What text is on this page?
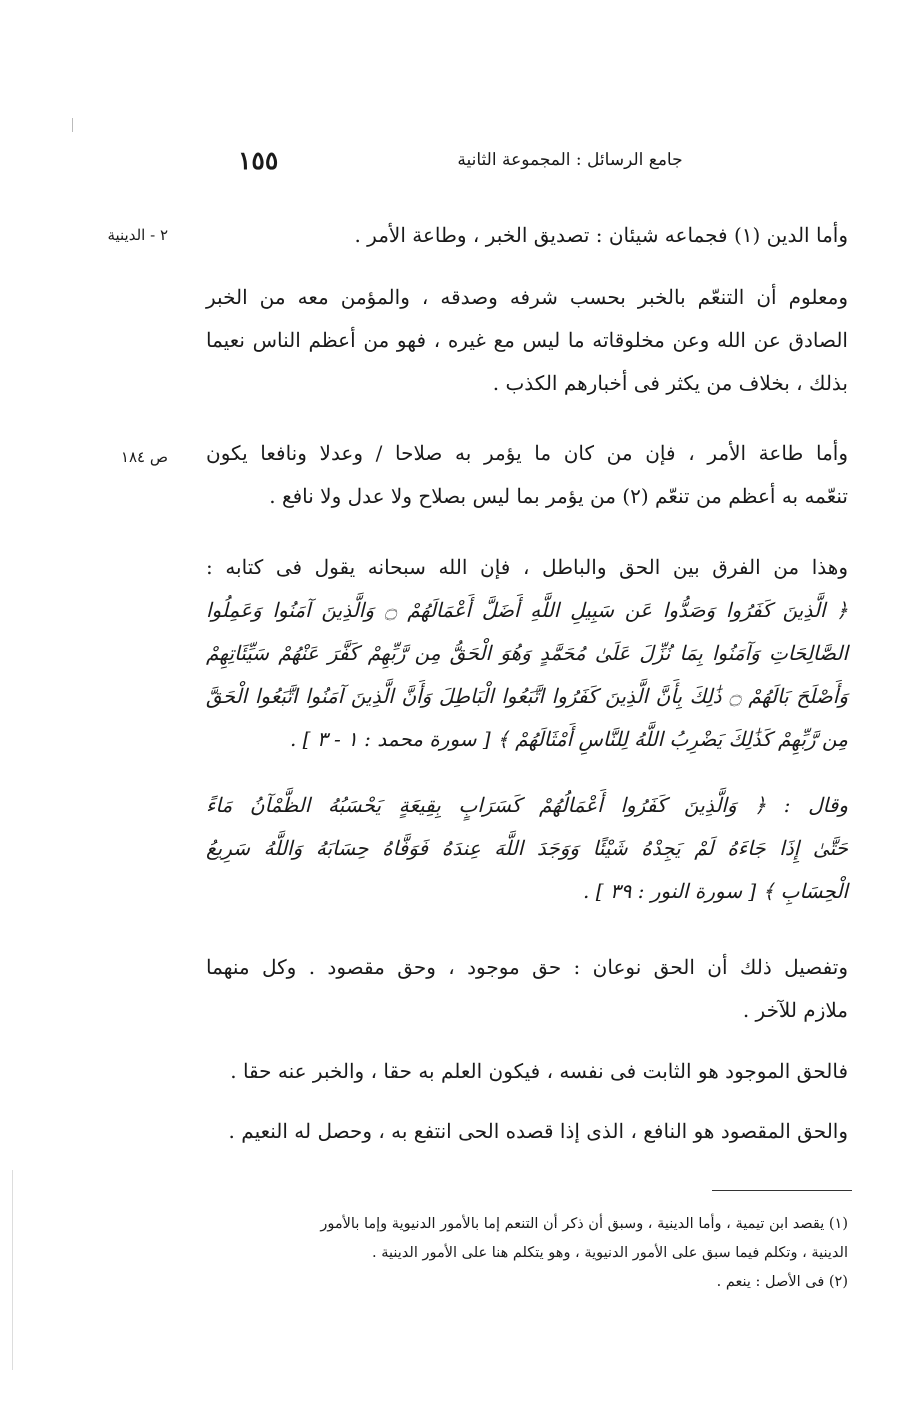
١٥٥	جامع الرسائل : المجموعة الثانية
٢ - الدينية
ص ١٨٤
وأما الدين (١) فجماعه شيئان : تصديق الخبر ، وطاعة الأمر .
ومعلوم أن التنعّم بالخبر بحسب شرفه وصدقه ، والمؤمن معه من الخبر
الصادق عن الله وعن مخلوقاته ما ليس مع غيره ، فهو من أعظم الناس نعيما
بذلك ، بخلاف من يكثر فى أخبارهم الكذب .
وأما طاعة الأمر ، فإن من كان ما يؤمر به صلاحا / وعدلا ونافعا يكون
تنعّمه به أعظم من تنعّم (٢) من يؤمر بما ليس بصلاح ولا عدل ولا نافع .
وهذا من الفرق بين الحق والباطل ، فإن الله سبحانه يقول فى كتابه :
﴿ الَّذِينَ كَفَرُوا وَصَدُّوا عَن سَبِيلِ اللَّهِ أَضَلَّ أَعْمَالَهُمْ ۝ وَالَّذِينَ آمَنُوا وَعَمِلُوا
الصَّالِحَاتِ وَآمَنُوا بِمَا نُزِّلَ عَلَىٰ مُحَمَّدٍ وَهُوَ الْحَقُّ مِن رَّبِّهِمْ كَفَّرَ عَنْهُمْ سَيِّئَاتِهِمْ
وَأَصْلَحَ بَالَهُمْ ۝ ذَٰلِكَ بِأَنَّ الَّذِينَ كَفَرُوا اتَّبَعُوا الْبَاطِلَ وَأَنَّ الَّذِينَ آمَنُوا اتَّبَعُوا الْحَقَّ
مِن رَّبِّهِمْ كَذَٰلِكَ يَضْرِبُ اللَّهُ لِلنَّاسِ أَمْثَالَهُمْ ﴾ [ سورة محمد : ١ - ٣ ] .
وقال : ﴿ وَالَّذِينَ كَفَرُوا أَعْمَالُهُمْ كَسَرَابٍ بِقِيعَةٍ يَحْسَبُهُ الظَّمْآنُ مَاءً
حَتَّىٰ إِذَا جَاءَهُ لَمْ يَجِدْهُ شَيْئًا وَوَجَدَ اللَّهَ عِندَهُ فَوَفَّاهُ حِسَابَهُ وَاللَّهُ سَرِيعُ
الْحِسَابِ ﴾ [ سورة النور : ٣٩ ] .
وتفصيل ذلك أن الحق نوعان : حق موجود ، وحق مقصود . وكل منهما
ملازم للآخر .
فالحق الموجود هو الثابت فى نفسه ، فيكون العلم به حقا ، والخبر عنه حقا .
والحق المقصود هو النافع ، الذى إذا قصده الحى انتفع به ، وحصل له النعيم .
(١) يقصد ابن تيمية ، وأما الدينية ، وسبق أن ذكر أن التنعم إما بالأمور الدنيوية وإما بالأمور
الدينية ، وتكلم فيما سبق على الأمور الدنيوية ، وهو يتكلم هنا على الأمور الدينية .
(٢) فى الأصل : ينعم .
